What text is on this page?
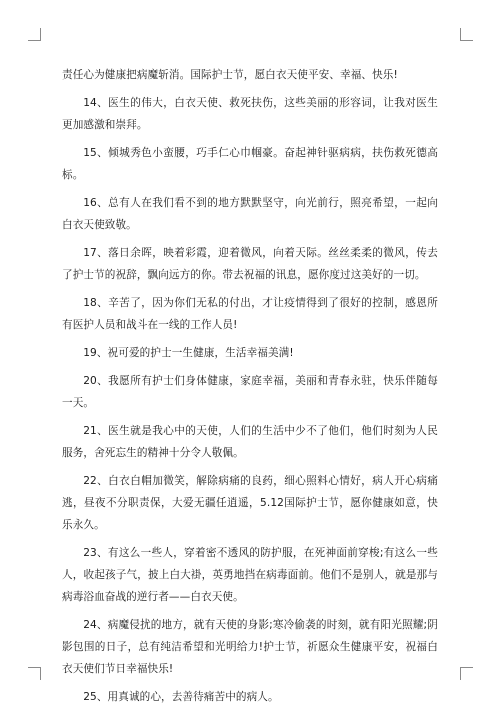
责任心为健康把病魔斩消。国际护士节，愿白衣天使平安、幸福、快乐!

14、医生的伟大，白衣天使、救死扶伤，这些美丽的形容词，让我对医生更加感激和崇拜。

15、倾城秀色小蛮腰，巧手仁心巾帼豪。奋起神针驱病病，扶伤救死德高标。

16、总有人在我们看不到的地方默默坚守，向光前行，照亮希望，一起向白衣天使致敬。

17、落日余晖，映着彩霞，迎着微风，向着天际。丝丝柔柔的微风，传去了护士节的祝辞，飘向远方的你。带去祝福的讯息，愿你度过这美好的一切。

18、辛苦了，因为你们无私的付出，才让疫情得到了很好的控制，感恩所有医护人员和战斗在一线的工作人员!

19、祝可爱的护士一生健康，生活幸福美满!

20、我愿所有护士们身体健康，家庭幸福，美丽和青春永驻，快乐伴随每一天。

21、医生就是我心中的天使，人们的生活中少不了他们，他们时刻为人民服务，舍死忘生的精神十分令人敬佩。

22、白衣白帽加微笑，解除病痛的良药，细心照料心情好，病人开心病痛逃，昼夜不分职责保，大爱无疆任逍遥，5.12国际护士节，愿你健康如意，快乐永久。

23、有这么一些人，穿着密不透风的防护服，在死神面前穿梭;有这么一些人，收起孩子气，披上白大褂，英勇地挡在病毒面前。他们不是别人，就是那与病毒浴血奋战的逆行者——白衣天使。

24、病魔侵扰的地方，就有天使的身影;寒冷偷袭的时刻，就有阳光照耀;阴影包围的日子，总有纯洁希望和光明给力!护士节，祈愿众生健康平安，祝福白衣天使们节日幸福快乐!

25、用真诚的心，去善待痛苦中的病人。
